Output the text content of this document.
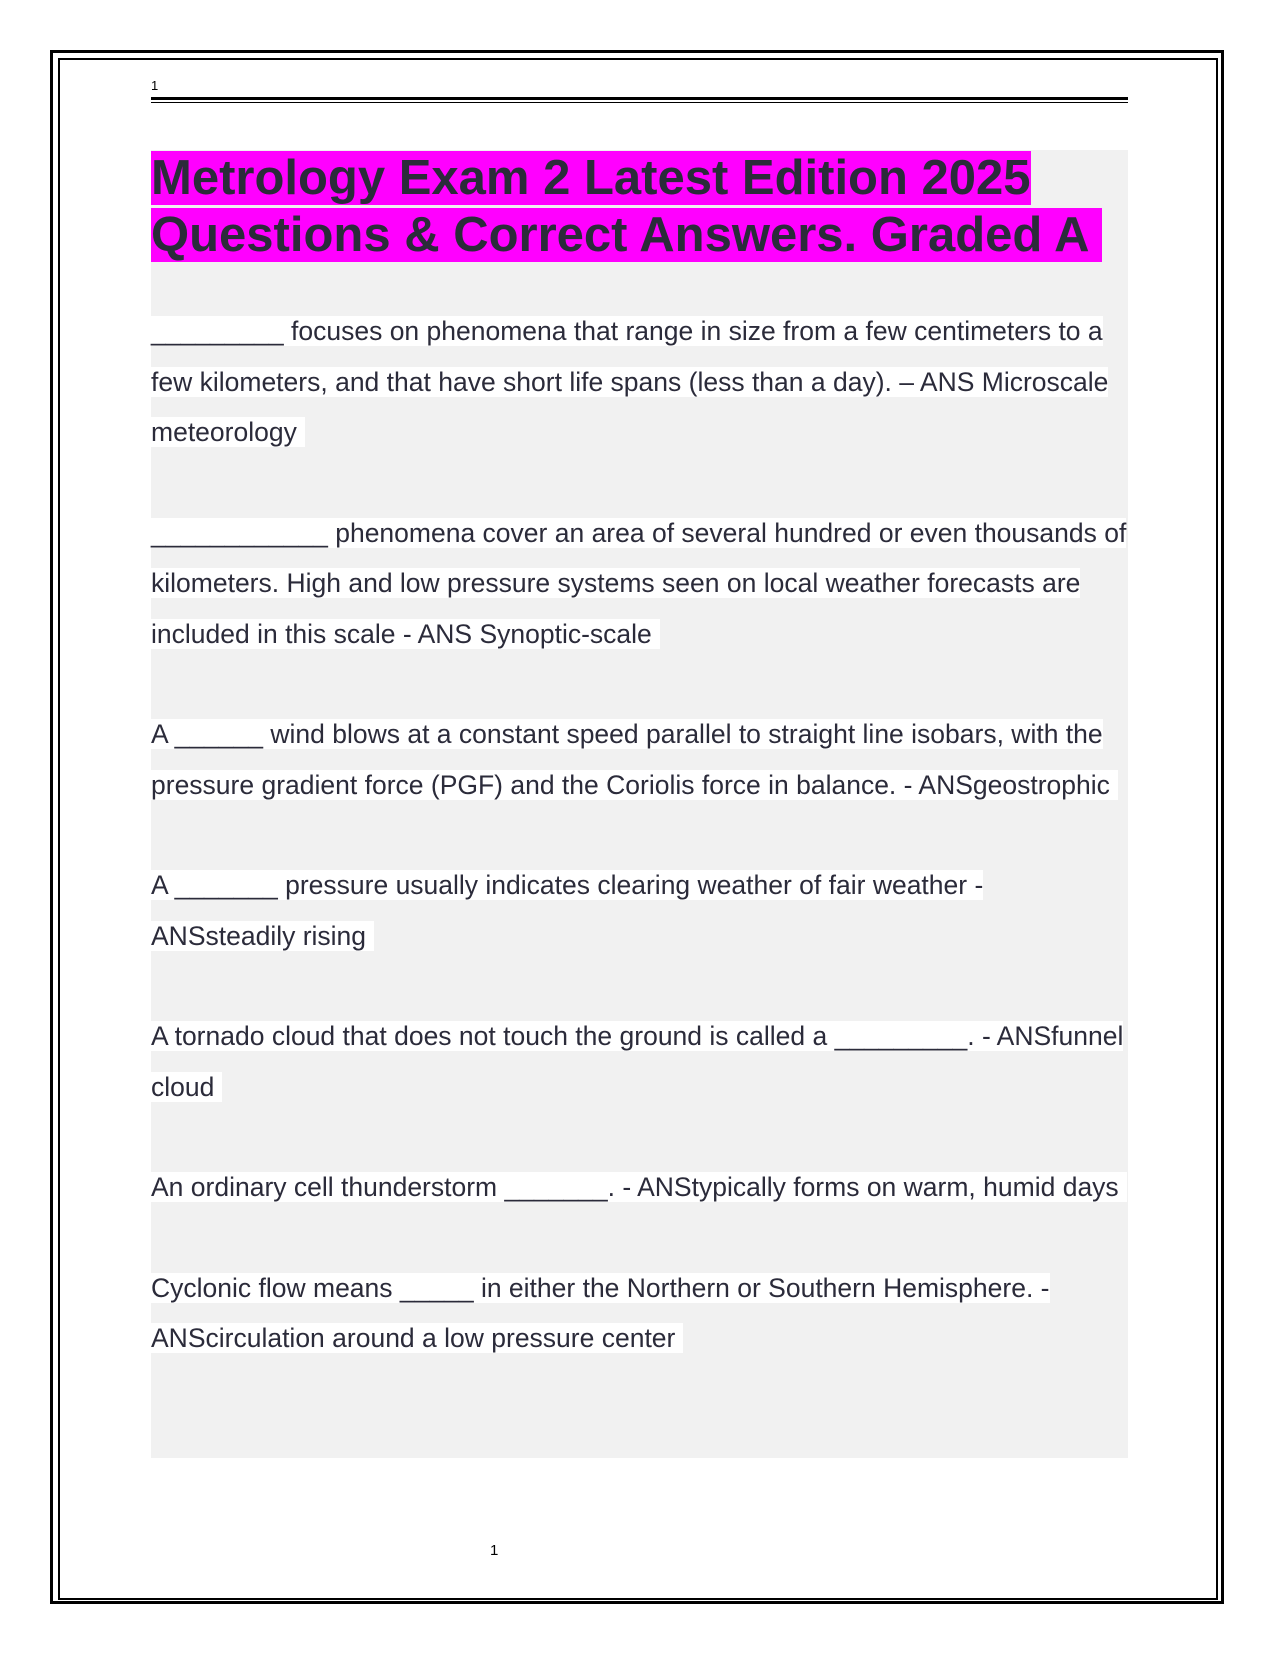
1
Metrology Exam 2 Latest Edition 2025 Questions & Correct Answers. Graded A

_________ focuses on phenomena that range in size from a few centimeters to a few kilometers, and that have short life spans (less than a day). – ANS Microscale meteorology

____________ phenomena cover an area of several hundred or even thousands of kilometers. High and low pressure systems seen on local weather forecasts are included in this scale - ANS Synoptic-scale

A ______ wind blows at a constant speed parallel to straight line isobars, with the pressure gradient force (PGF) and the Coriolis force in balance. - ANSgeostrophic

A _______ pressure usually indicates clearing weather of fair weather - ANSsteadily rising

A tornado cloud that does not touch the ground is called a _________. - ANSfunnel cloud

An ordinary cell thunderstorm _______. - ANStypically forms on warm, humid days

Cyclonic flow means _____ in either the Northern or Southern Hemisphere. - ANScirculation around a low pressure center

1
